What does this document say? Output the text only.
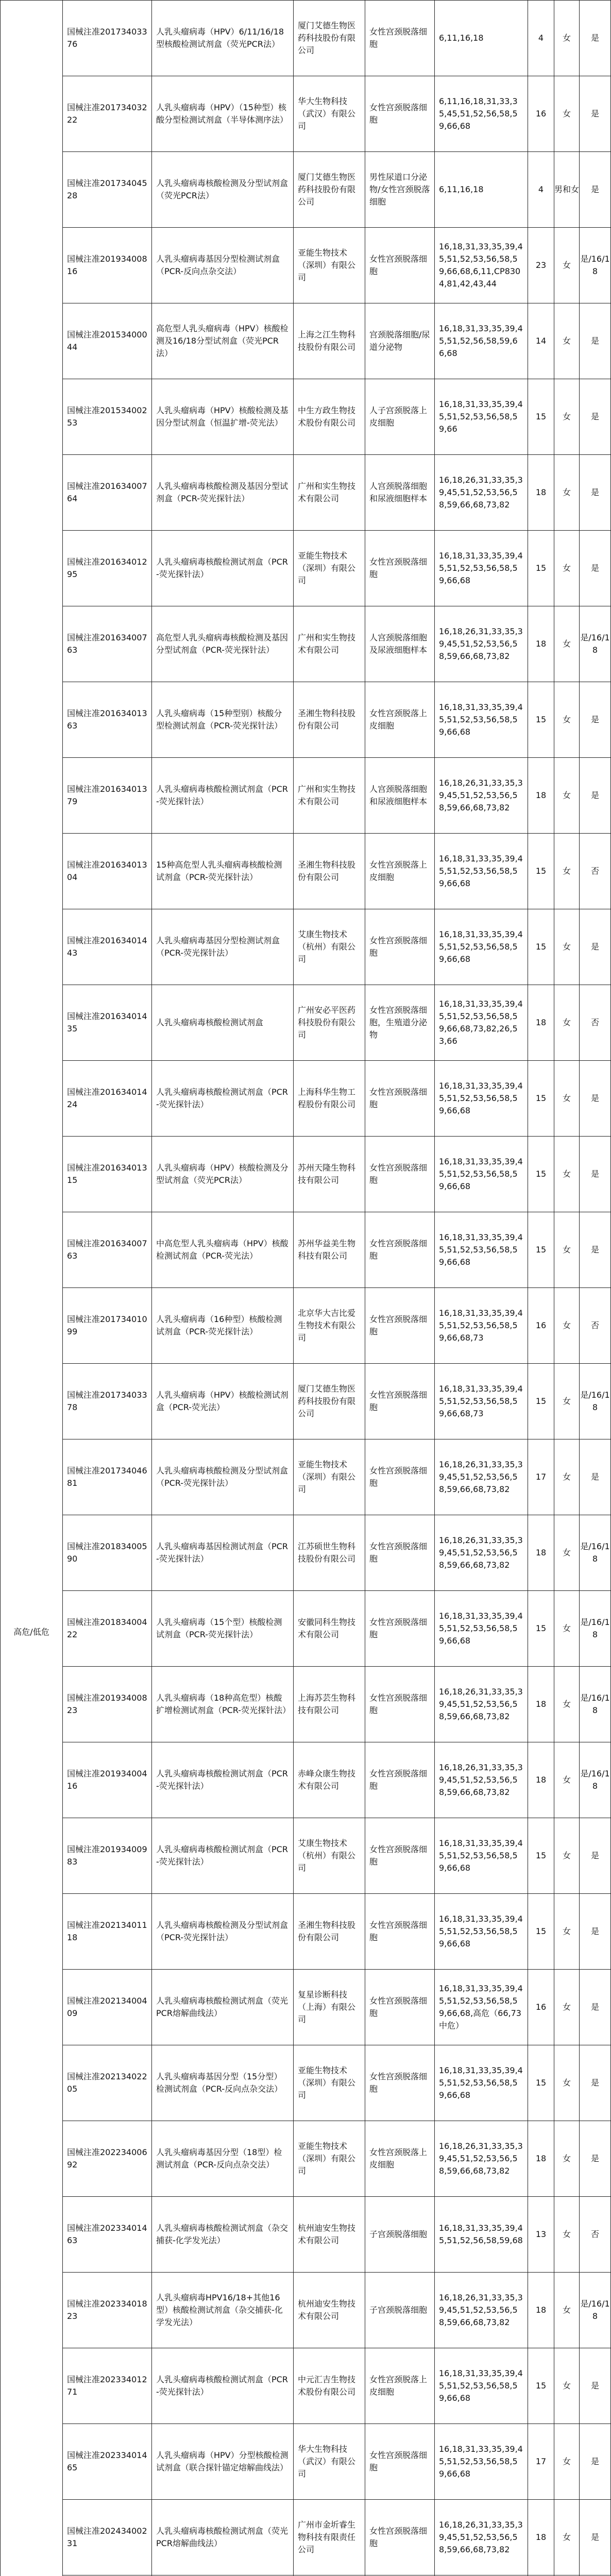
高危/低危	国械注准20173403376	人乳头瘤病毒（HPV）6/11/16/18型核酸检测试剂盒（荧光PCR法）	厦门艾德生物医药科技股份有限公司	女性宫颈脱落细胞	6,11,16,18	4	女	是
	国械注准20173403222	人乳头瘤病毒（HPV）（15种型）核酸分型检测试剂盒（半导体测序法）	华大生物科技（武汉）有限公司	女性宫颈脱落细胞	6,11,16,18,31,33,35,45,51,52,56,58,59,66,68	16	女	是
	国械注准20173404528	人乳头瘤病毒核酸检测及分型试剂盒（荧光PCR法）	厦门艾德生物医药科技股份有限公司	男性尿道口分泌物/女性宫颈脱落细胞	6,11,16,18	4	男和女	是
	国械注准20193400816	人乳头瘤病毒基因分型检测试剂盒（PCR-反向点杂交法）	亚能生物技术（深圳）有限公司	女性宫颈脱落细胞	16,18,31,33,35,39,45,51,52,53,56,58,59,66,68,6,11,CP8304,81,42,43,44	23	女	是/16/18
	国械注准20153400044	高危型人乳头瘤病毒（HPV）核酸检测及16/18分型试剂盒（荧光PCR法）	上海之江生物科技股份有限公司	宫颈脱落细胞/尿道分泌物	16,18,31,33,35,39,45,51,52,56,58,59,66,68	14	女	是
	国械注准20153400253	人乳头瘤病毒（HPV）核酸检测及基因分型试剂盒（恒温扩增-荧光法）	中生方政生物技术股份有限公司	人子宫颈脱落上皮细胞	16,18,31,33,35,39,45,51,52,53,56,58,59,66	15	女	是
	国械注准20163400764	人乳头瘤病毒核酸检测及基因分型试剂盒（PCR-荧光探针法）	广州和实生物技术有限公司	人宫颈脱落细胞和尿液细胞样本	16,18,26,31,33,35,39,45,51,52,53,56,58,59,66,68,73,82	18	女	是
	国械注准20163401295	人乳头瘤病毒核酸检测试剂盒（PCR-荧光探针法）	亚能生物技术（深圳）有限公司	女性宫颈脱落细胞	16,18,31,33,35,39,45,51,52,53,56,58,59,66,68	15	女	是
	国械注准20163400763	高危型人乳头瘤病毒核酸检测及基因分型试剂盒（PCR-荧光探针法）	广州和实生物技术有限公司	人宫颈脱落细胞及尿液细胞样本	16,18,26,31,33,35,39,45,51,52,53,56,58,59,66,68,73,82	18	女	是/16/18
	国械注准20163401363	人乳头瘤病毒（15种型别）核酸分型检测试剂盒（PCR-荧光探针法）	圣湘生物科技股份有限公司	女性宫颈脱落上皮细胞	16,18,31,33,35,39,45,51,52,53,56,58,59,66,68	15	女	是
	国械注准20163401379	人乳头瘤病毒核酸检测试剂盒（PCR-荧光探针法）	广州和实生物技术有限公司	人宫颈脱落细胞和尿液细胞样本	16,18,26,31,33,35,39,45,51,52,53,56,58,59,66,68,73,82	18	女	是
	国械注准20163401304	15种高危型人乳头瘤病毒核酸检测试剂盒（PCR-荧光探针法）	圣湘生物科技股份有限公司	女性宫颈脱落上皮细胞	16,18,31,33,35,39,45,51,52,53,56,58,59,66,68	15	女	否
	国械注准20163401443	人乳头瘤病毒基因分型检测试剂盒（PCR-荧光探针法）	艾康生物技术（杭州）有限公司	女性宫颈脱落细胞	16,18,31,33,35,39,45,51,52,53,56,58,59,66,68	15	女	是
	国械注准20163401435	人乳头瘤病毒核酸检测试剂盒	广州安必平医药科技股份有限公司	女性宫颈脱落细胞，生殖道分泌物	16,18,31,33,35,39,45,51,52,53,56,58,59,66,68,73,82,26,53,66	18	女	否
	国械注准20163401424	人乳头瘤病毒核酸检测试剂盒（PCR-荧光探针法）	上海科华生物工程股份有限公司	女性宫颈脱落细胞	16,18,31,33,35,39,45,51,52,53,56,58,59,66,68	15	女	是
	国械注准20163401315	人乳头瘤病毒（HPV）核酸检测及分型试剂盒（荧光PCR法）	苏州天隆生物科技有限公司	女性宫颈脱落细胞	16,18,31,33,35,39,45,51,52,53,56,58,59,66,68	15	女	是
	国械注准20163400763	中高危型人乳头瘤病毒（HPV）核酸检测试剂盒（PCR-荧光法）	苏州华益美生物科技有限公司	女性宫颈脱落细胞	16,18,31,33,35,39,45,51,52,53,56,58,59,66,68	15	女	是
	国械注准20173401099	人乳头瘤病毒（16种型）核酸检测试剂盒（PCR-荧光探针法）	北京华大吉比爱生物技术有限公司	女性宫颈脱落细胞	16,18,31,33,35,39,45,51,52,53,56,58,59,66,68,73	16	女	否
	国械注准20173403378	人乳头瘤病毒（HPV）核酸检测试剂盒（PCR-荧光法）	厦门艾德生物医药科技股份有限公司	女性宫颈脱落细胞	16,18,31,33,35,39,45,51,52,53,56,58,59,66,68,73	15	女	是/16/18
	国械注准20173404681	人乳头瘤病毒核酸检测及分型试剂盒（PCR-荧光探针法）	亚能生物技术（深圳）有限公司	女性宫颈脱落细胞	16,18,26,31,33,35,39,45,51,52,53,56,58,59,66,68,73,82	17	女	是
	国械注准20183400590	人乳头瘤病毒基因检测试剂盒（PCR-荧光探针法）	江苏硕世生物科技股份有限公司	女性宫颈脱落细胞	16,18,26,31,33,35,39,45,51,52,53,56,58,59,66,68,73,82	18	女	是/16/18
	国械注准20183400422	人乳头瘤病毒（15个型）核酸检测试剂盒（PCR-荧光探针法）	安徽同科生物技术有限公司	女性宫颈脱落细胞	16,18,31,33,35,39,45,51,52,53,56,58,59,66,68	15	女	是/16/18
	国械注准20193400823	人乳头瘤病毒（18种高危型）核酸扩增检测试剂盒（PCR-荧光探针法）	上海苏芸生物科技有限公司	女性宫颈脱落细胞	16,18,26,31,33,35,39,45,51,52,53,56,58,59,66,68,73,82	18	女	是/16/18
	国械注准20193400416	人乳头瘤病毒核酸检测试剂盒（PCR-荧光探针法）	赤峰众康生物技术有限公司	女性宫颈脱落细胞	16,18,26,31,33,35,39,45,51,52,53,56,58,59,66,68,73,82	18	女	是/16/18
	国械注准20193400983	人乳头瘤病毒核酸检测试剂盒（PCR-荧光探针法）	艾康生物技术（杭州）有限公司	女性宫颈脱落细胞	16,18,31,33,35,39,45,51,52,53,56,58,59,66,68	15	女	是
	国械注准20213401118	人乳头瘤病毒核酸检测及分型试剂盒（PCR-荧光探针法）	圣湘生物科技股份有限公司	女性宫颈脱落细胞	16,18,31,33,35,39,45,51,52,53,56,58,59,66,68	15	女	是
	国械注准20213400409	人乳头瘤病毒核酸检测试剂盒（荧光PCR熔解曲线法）	复星诊断科技（上海）有限公司	女性宫颈脱落细胞	16,18,31,33,35,39,45,51,52,53,56,58,59,66,68,高危（66,73中危）	16	女	是
	国械注准20213402205	人乳头瘤病毒基因分型（15分型）检测试剂盒（PCR-反向点杂交法）	亚能生物技术（深圳）有限公司	女性宫颈脱落细胞	16,18,31,33,35,39,45,51,52,53,56,58,59,66,68	15	女	是
	国械注准20223400692	人乳头瘤病毒基因分型（18型）检测试剂盒（PCR-反向点杂交法）	亚能生物技术（深圳）有限公司	女性宫颈脱落上皮细胞	16,18,26,31,33,35,39,45,51,52,53,56,58,59,66,68,73,82	18	女	是
	国械注准20233401463	人乳头瘤病毒核酸检测试剂盒（杂交捕获-化学发光法）	杭州迪安生物技术有限公司	子宫颈脱落细胞	16,18,31,33,35,39,45,51,52,56,58,59,68	13	女	否
	国械注准20233401823	人乳头瘤病毒HPV16/18+其他16型）核酸检测试剂盒（杂交捕获-化学发光法）	杭州迪安生物技术有限公司	子宫颈脱落细胞	16,18,26,31,33,35,39,45,51,52,53,56,58,59,66,68,73,82	18	女	是/16/18
	国械注准20233401271	人乳头瘤病毒核酸检测试剂盒（PCR-荧光探针法）	中元汇吉生物技术股份有限公司	女性宫颈脱落上皮细胞	16,18,31,33,35,39,45,51,52,53,56,58,59,66,68	15	女	是
	国械注准20233401465	人乳头瘤病毒（HPV）分型核酸检测试剂盒（联合探针锚定熔解曲线法）	华大生物科技（武汉）有限公司	女性宫颈脱落细胞	16,18,31,33,35,39,45,51,52,53,56,58,59,66,68	17	女	是
	国械注准20243400231	人乳头瘤病毒核酸检测试剂盒（荧光PCR熔解曲线法）	广州市金圻睿生物科技有限责任公司	女性宫颈脱落细胞	16,18,26,31,33,35,39,45,51,52,53,56,58,59,66,68,73,82	18	女	是
